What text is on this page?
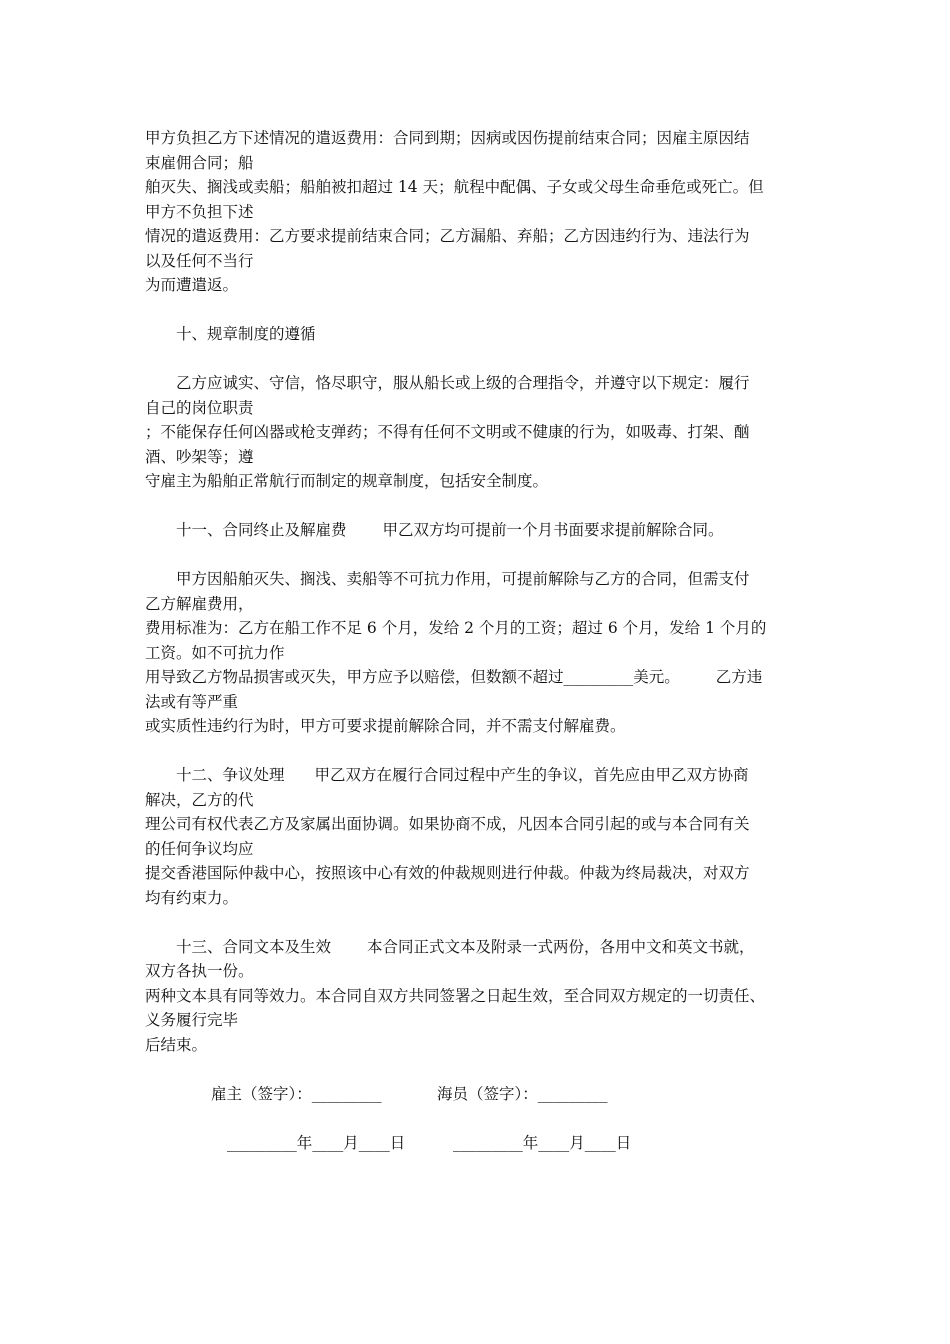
甲方负担乙方下述情况的遣返费用：合同到期；因病或因伤提前结束合同；因雇主原因结
束雇佣合同；船
舶灭失、搁浅或卖船；船舶被扣超过 14 天；航程中配偶、子女或父母生命垂危或死亡。但
甲方不负担下述
情况的遣返费用：乙方要求提前结束合同；乙方漏船、弃船；乙方因违约行为、违法行为
以及任何不当行
为而遭遣返。
十、规章制度的遵循
乙方应诚实、守信，恪尽职守，服从船长或上级的合理指令，并遵守以下规定：履行
自己的岗位职责
；不能保存任何凶器或枪支弹药；不得有任何不文明或不健康的行为，如吸毒、打架、酗
酒、吵架等；遵
守雇主为船舶正常航行而制定的规章制度，包括安全制度。
十一、合同终止及解雇费 甲乙双方均可提前一个月书面要求提前解除合同。
甲方因船舶灭失、搁浅、卖船等不可抗力作用，可提前解除与乙方的合同，但需支付
乙方解雇费用，
费用标准为：乙方在船工作不足 6 个月，发给 2 个月的工资；超过 6 个月，发给 1 个月的
工资。如不可抗力作
用导致乙方物品损害或灭失，甲方应予以赔偿，但数额不超过_________美元。 乙方违
法或有等严重
或实质性违约行为时，甲方可要求提前解除合同，并不需支付解雇费。
十二、争议处理 甲乙双方在履行合同过程中产生的争议，首先应由甲乙双方协商
解决，乙方的代
理公司有权代表乙方及家属出面协调。如果协商不成，凡因本合同引起的或与本合同有关
的任何争议均应
提交香港国际仲裁中心，按照该中心有效的仲裁规则进行仲裁。仲裁为终局裁决，对双方
均有约束力。
十三、合同文本及生效 本合同正式文本及附录一式两份，各用中文和英文书就，
双方各执一份。
两种文本具有同等效力。本合同自双方共同签署之日起生效，至合同双方规定的一切责任、
义务履行完毕
后结束。
雇主（签字）：_________	海员（签字）：_________
_________年____月____日	_________年____月____日
